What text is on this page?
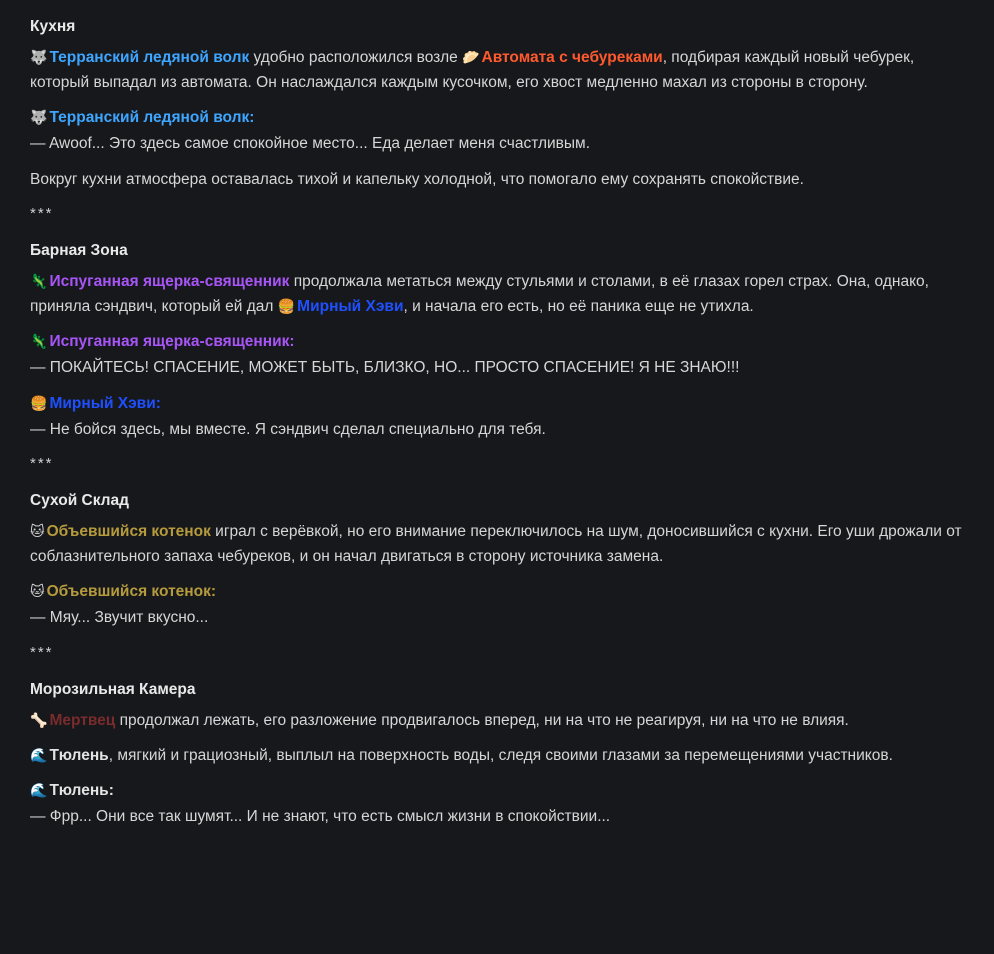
Кухня

🐺 Терранский ледяной волк удобно расположился возле 🥟 Автомата с чебуреками, подбирая каждый новый чебурек, который выпадал из автомата. Он наслаждался каждым кусочком, его хвост медленно махал из стороны в сторону.

🐺 Терранский ледяной волк:
— Awoof... Это здесь самое спокойное место... Еда делает меня счастливым.

Вокруг кухни атмосфера оставалась тихой и капельку холодной, что помогало ему сохранять спокойствие.

***
Барная Зона

🦎 Испуганная ящерка-священник продолжала метаться между стульями и столами, в её глазах горел страх. Она, однако, приняла сэндвич, который ей дал 🍔 Мирный Хэви, и начала его есть, но её паника еще не утихла.

🦎 Испуганная ящерка-священник:
— ПОКАЙТЕСЬ! СПАСЕНИЕ, МОЖЕТ БЫТЬ, БЛИЗКО, НО... ПРОСТО СПАСЕНИЕ! Я НЕ ЗНАЮ!!!
🍔 Мирный Хэви:
— Не бойся здесь, мы вместе. Я сэндвич сделал специально для тебя.
***
Сухой Склад

🐱 Объевшийся котенок играл с верёвкой, но его внимание переключилось на шум, доносившийся с кухни. Его уши дрожали от соблазнительного запаха чебуреков, и он начал двигаться в сторону источника замена.

🐱 Объевшийся котенок:
— Мяу... Звучит вкусно...
***
Морозильная Камера

🦴 Мертвец продолжал лежать, его разложение продвигалось вперед, ни на что не реагируя, ни на что не влияя.

🌊 Тюлень, мягкий и грациозный, выплыл на поверхность воды, следя своими глазами за перемещениями участников.

🌊 Тюлень:
— Фрр... Они все так шумят... И не знают, что есть смысл жизни в спокойствии...
